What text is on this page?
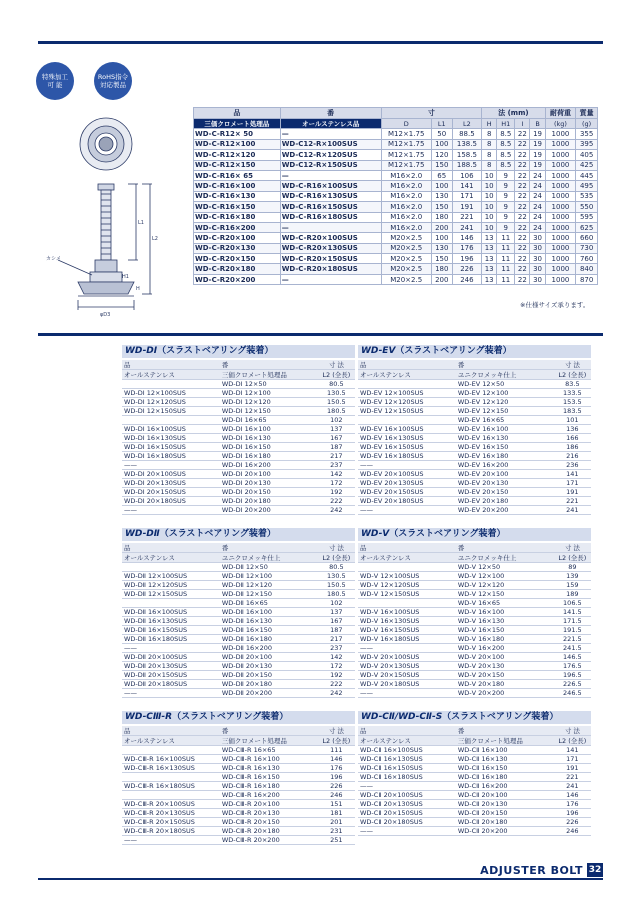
特殊加工
可 能
RoHS指令
対応製品
カシメ
L1
L2
H1
H
φD3
品	番	寸			法 (mm)				耐荷重	質量
三価クロメート処理品	オールステンレス品	D	L1	L2	H	H1	I	B	(kg)	(g)
WD-C-R12× 50	—	M12×1.75	50	88.5	8	8.5	22	19	1000	355
WD-C-R12×100	WD-C12-R×100SUS	M12×1.75	100	138.5	8	8.5	22	19	1000	395
WD-C-R12×120	WD-C12-R×120SUS	M12×1.75	120	158.5	8	8.5	22	19	1000	405
WD-C-R12×150	WD-C12-R×150SUS	M12×1.75	150	188.5	8	8.5	22	19	1000	425
WD-C-R16× 65	—	M16×2.0	65	106	10	9	22	24	1000	445
WD-C-R16×100	WD-C-R16×100SUS	M16×2.0	100	141	10	9	22	24	1000	495
WD-C-R16×130	WD-C-R16×130SUS	M16×2.0	130	171	10	9	22	24	1000	535
WD-C-R16×150	WD-C-R16×150SUS	M16×2.0	150	191	10	9	22	24	1000	550
WD-C-R16×180	WD-C-R16×180SUS	M16×2.0	180	221	10	9	22	24	1000	595
WD-C-R16×200	—	M16×2.0	200	241	10	9	22	24	1000	625
WD-C-R20×100	WD-C-R20×100SUS	M20×2.5	100	146	13	11	22	30	1000	660
WD-C-R20×130	WD-C-R20×130SUS	M20×2.5	130	176	13	11	22	30	1000	730
WD-C-R20×150	WD-C-R20×150SUS	M20×2.5	150	196	13	11	22	30	1000	760
WD-C-R20×180	WD-C-R20×180SUS	M20×2.5	180	226	13	11	22	30	1000	840
WD-C-R20×200	—	M20×2.5	200	246	13	11	22	30	1000	870
※仕様サイズ承ります。
WD-DⅠ（スラストベアリング装着）
品	番	寸 法
オールステンレス	三価クロメート処理品	L2 (全長)
	WD-DⅠ 12×50	80.5
WD-DⅠ 12×100SUS	WD-DⅠ 12×100	130.5
WD-DⅠ 12×120SUS	WD-DⅠ 12×120	150.5
WD-DⅠ 12×150SUS	WD-DⅠ 12×150	180.5
	WD-DⅠ 16×65	102
WD-DⅠ 16×100SUS	WD-DⅠ 16×100	137
WD-DⅠ 16×130SUS	WD-DⅠ 16×130	167
WD-DⅠ 16×150SUS	WD-DⅠ 16×150	187
WD-DⅠ 16×180SUS	WD-DⅠ 16×180	217
——	WD-DⅠ 16×200	237
WD-DⅠ 20×100SUS	WD-DⅠ 20×100	142
WD-DⅠ 20×130SUS	WD-DⅠ 20×130	172
WD-DⅠ 20×150SUS	WD-DⅠ 20×150	192
WD-DⅠ 20×180SUS	WD-DⅠ 20×180	222
——	WD-DⅠ 20×200	242
WD-EⅤ（スラストベアリング装着）
品	番	寸 法
オールステンレス	ユニクロメッキ仕上	L2 (全長)
	WD-EⅤ 12×50	83.5
WD-EⅤ 12×100SUS	WD-EⅤ 12×100	133.5
WD-EⅤ 12×120SUS	WD-EⅤ 12×120	153.5
WD-EⅤ 12×150SUS	WD-EⅤ 12×150	183.5
	WD-EⅤ 16×65	101
WD-EⅤ 16×100SUS	WD-EⅤ 16×100	136
WD-EⅤ 16×130SUS	WD-EⅤ 16×130	166
WD-EⅤ 16×150SUS	WD-EⅤ 16×150	186
WD-EⅤ 16×180SUS	WD-EⅤ 16×180	216
——	WD-EⅤ 16×200	236
WD-EⅤ 20×100SUS	WD-EⅤ 20×100	141
WD-EⅤ 20×130SUS	WD-EⅤ 20×130	171
WD-EⅤ 20×150SUS	WD-EⅤ 20×150	191
WD-EⅤ 20×180SUS	WD-EⅤ 20×180	221
——	WD-EⅤ 20×200	241
WD-DⅡ（スラストベアリング装着）
品	番	寸 法
オールステンレス	ユニクロメッキ仕上	L2 (全長)
	WD-DⅡ 12×50	80.5
WD-DⅡ 12×100SUS	WD-DⅡ 12×100	130.5
WD-DⅡ 12×120SUS	WD-DⅡ 12×120	150.5
WD-DⅡ 12×150SUS	WD-DⅡ 12×150	180.5
	WD-DⅡ 16×65	102
WD-DⅡ 16×100SUS	WD-DⅡ 16×100	137
WD-DⅡ 16×130SUS	WD-DⅡ 16×130	167
WD-DⅡ 16×150SUS	WD-DⅡ 16×150	187
WD-DⅡ 16×180SUS	WD-DⅡ 16×180	217
——	WD-DⅡ 16×200	237
WD-DⅡ 20×100SUS	WD-DⅡ 20×100	142
WD-DⅡ 20×130SUS	WD-DⅡ 20×130	172
WD-DⅡ 20×150SUS	WD-DⅡ 20×150	192
WD-DⅡ 20×180SUS	WD-DⅡ 20×180	222
——	WD-DⅡ 20×200	242
WD-Ⅴ（スラストベアリング装着）
品	番	寸 法
オールステンレス	ユニクロメッキ仕上	L2 (全長)
	WD-Ⅴ 12×50	89
WD-Ⅴ 12×100SUS	WD-Ⅴ 12×100	139
WD-Ⅴ 12×120SUS	WD-Ⅴ 12×120	159
WD-Ⅴ 12×150SUS	WD-Ⅴ 12×150	189
	WD-Ⅴ 16×65	106.5
WD-Ⅴ 16×100SUS	WD-Ⅴ 16×100	141.5
WD-Ⅴ 16×130SUS	WD-Ⅴ 16×130	171.5
WD-Ⅴ 16×150SUS	WD-Ⅴ 16×150	191.5
WD-Ⅴ 16×180SUS	WD-Ⅴ 16×180	221.5
——	WD-Ⅴ 16×200	241.5
WD-Ⅴ 20×100SUS	WD-Ⅴ 20×100	146.5
WD-Ⅴ 20×130SUS	WD-Ⅴ 20×130	176.5
WD-Ⅴ 20×150SUS	WD-Ⅴ 20×150	196.5
WD-Ⅴ 20×180SUS	WD-Ⅴ 20×180	226.5
——	WD-Ⅴ 20×200	246.5
WD-CⅢ-R（スラストベアリング装着）
品	番	寸 法
オールステンレス	三価クロメート処理品	L2 (全長)
	WD-CⅢ-R 16×65	111
WD-CⅢ-R 16×100SUS	WD-CⅢ-R 16×100	146
WD-CⅢ-R 16×130SUS	WD-CⅢ-R 16×130	176
	WD-CⅢ-R 16×150	196
WD-CⅢ-R 16×180SUS	WD-CⅢ-R 16×180	226
	WD-CⅢ-R 16×200	246
WD-CⅢ-R 20×100SUS	WD-CⅢ-R 20×100	151
WD-CⅢ-R 20×130SUS	WD-CⅢ-R 20×130	181
WD-CⅢ-R 20×150SUS	WD-CⅢ-R 20×150	201
WD-CⅢ-R 20×180SUS	WD-CⅢ-R 20×180	231
——	WD-CⅢ-R 20×200	251
WD-CⅡ/WD-CⅡ-S（スラストベアリング装着）
品	番	寸 法
オールステンレス	三価クロメート処理品	L2 (全長)
WD-CⅡ 16×100SUS	WD-CⅡ 16×100	141
WD-CⅡ 16×130SUS	WD-CⅡ 16×130	171
WD-CⅡ 16×150SUS	WD-CⅡ 16×150	191
WD-CⅡ 16×180SUS	WD-CⅡ 16×180	221
——	WD-CⅡ 16×200	241
WD-CⅡ 20×100SUS	WD-CⅡ 20×100	146
WD-CⅡ 20×130SUS	WD-CⅡ 20×130	176
WD-CⅡ 20×150SUS	WD-CⅡ 20×150	196
WD-CⅡ 20×180SUS	WD-CⅡ 20×180	226
——	WD-CⅡ 20×200	246
ADJUSTER BOLT 32
